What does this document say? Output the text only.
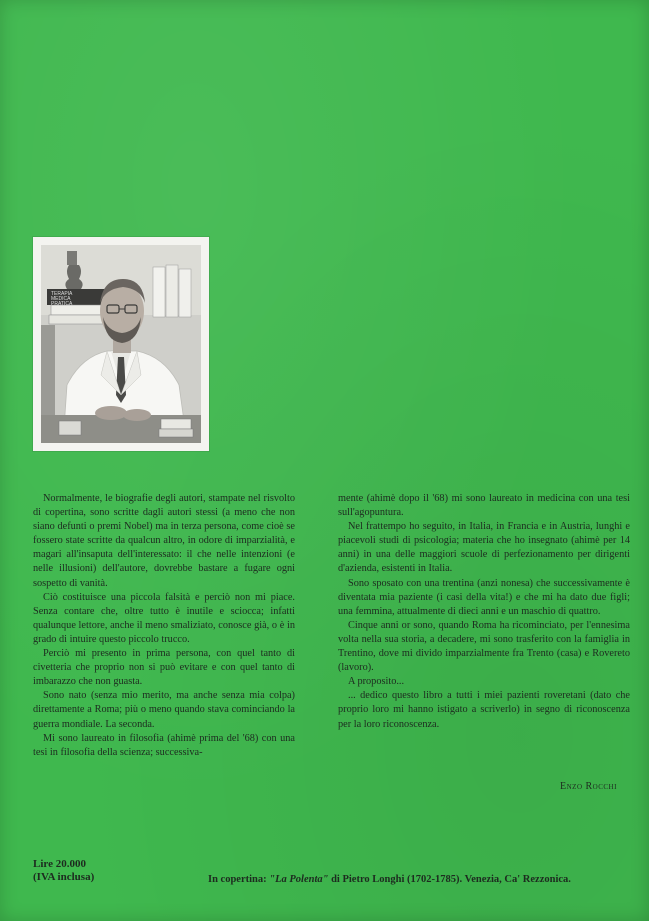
TERAPIA
MEDICA
PRATICA

Normalmente, le biografie degli autori, stampate nel risvolto di copertina, sono scritte dagli autori stessi (a meno che non siano defunti o premi Nobel) ma in terza persona, come cioè se fossero state scritte da qualcun altro, in odore di imparzialità, e magari all'insaputa dell'interessato: il che nelle intenzioni (e nelle illusioni) dell'autore, dovrebbe bastare a fugare ogni sospetto di vanità.

Ciò costituisce una piccola falsità e perciò non mi piace. Senza contare che, oltre tutto è inutile e sciocca; infatti qualunque lettore, anche il meno smaliziato, conosce già, o è in grado di intuire questo piccolo trucco.

Perciò mi presento in prima persona, con quel tanto di civetteria che proprio non si può evitare e con quel tanto di imbarazzo che non guasta.

Sono nato (senza mio merito, ma anche senza mia colpa) direttamente a Roma; più o meno quando stava cominciando la guerra mondiale. La seconda.

Mi sono laureato in filosofia (ahimè prima del '68) con una tesi in filosofia della scienza; successiva-

mente (ahimè dopo il '68) mi sono laureato in medicina con una tesi sull'agopuntura.

Nel frattempo ho seguito, in Italia, in Francia e in Austria, lunghi e piacevoli studi di psicologia; materia che ho insegnato (ahimè per 14 anni) in una delle maggiori scuole di perfezionamento per dirigenti d'azienda, esistenti in Italia.

Sono sposato con una trentina (anzi nonesa) che successivamente è diventata mia paziente (i casi della vita!) e che mi ha dato due figli; una femmina, attualmente di dieci anni e un maschio di quattro.

Cinque anni or sono, quando Roma ha ricominciato, per l'ennesima volta nella sua storia, a decadere, mi sono trasferito con la famiglia in Trentino, dove mi divido imparzialmente fra Trento (casa) e Rovereto (lavoro).

A proposito...

... dedico questo libro a tutti i miei pazienti roveretani (dato che proprio loro mi hanno istigato a scriverlo) in segno di riconoscenza per la loro riconoscenza.

Enzo Rocchi
Lire 20.000
(IVA inclusa)	In copertina: "La Polenta" di Pietro Longhi (1702-1785). Venezia, Ca' Rezzonica.
